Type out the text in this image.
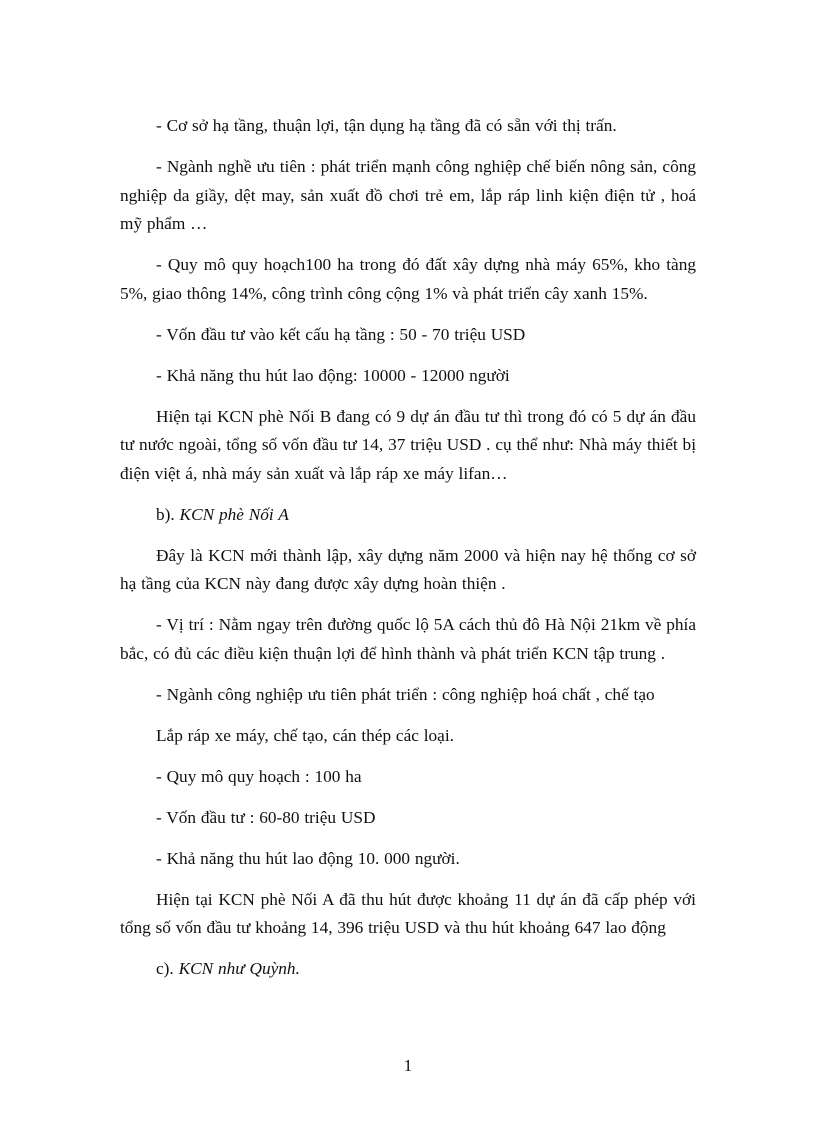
- Cơ sở hạ tầng, thuận lợi, tận dụng hạ tầng đã có sẵn với thị trấn.

- Ngành nghề ưu tiên : phát triển mạnh công nghiệp chế biến nông sản, công nghiệp da giầy, dệt may, sản xuất đồ chơi trẻ em, lắp ráp linh kiện điện tử , hoá mỹ phẩm …

- Quy mô quy hoạch100 ha trong đó đất xây dựng nhà máy 65%, kho tàng 5%, giao thông 14%, công trình công cộng 1% và phát triển cây xanh 15%.

- Vốn đầu tư vào kết cấu hạ tầng : 50 - 70 triệu USD

- Khả năng thu hút lao động: 10000 - 12000 người

Hiện tại KCN phè Nối B đang có 9 dự án đầu tư thì trong đó có 5 dự án đầu tư nước ngoài, tổng số vốn đầu tư 14, 37 triệu USD . cụ thể như: Nhà máy thiết bị điện việt á, nhà máy sản xuất và lắp ráp xe máy lifan…

b). KCN phè Nối A

Đây là KCN mới thành lập, xây dựng năm 2000 và hiện nay hệ thống cơ sở hạ tầng của KCN này đang được xây dựng hoàn thiện .

- Vị trí : Nằm ngay trên đường quốc lộ 5A cách thủ đô Hà Nội 21km về phía bắc, có đủ các điều kiện thuận lợi để hình thành và phát triển KCN tập trung .

- Ngành công nghiệp ưu tiên phát triển : công nghiệp hoá chất , chế tạo

Lắp ráp xe máy, chế tạo, cán thép các loại.

- Quy mô quy hoạch : 100 ha

- Vốn đầu tư : 60-80 triệu USD

- Khả năng thu hút lao động 10. 000 người.

Hiện tại KCN phè Nối A đã thu hút được khoảng 11 dự án đã cấp phép với tổng số vốn đầu tư khoảng 14, 396 triệu USD và thu hút khoảng 647 lao động

c). KCN như Quỳnh.

1
